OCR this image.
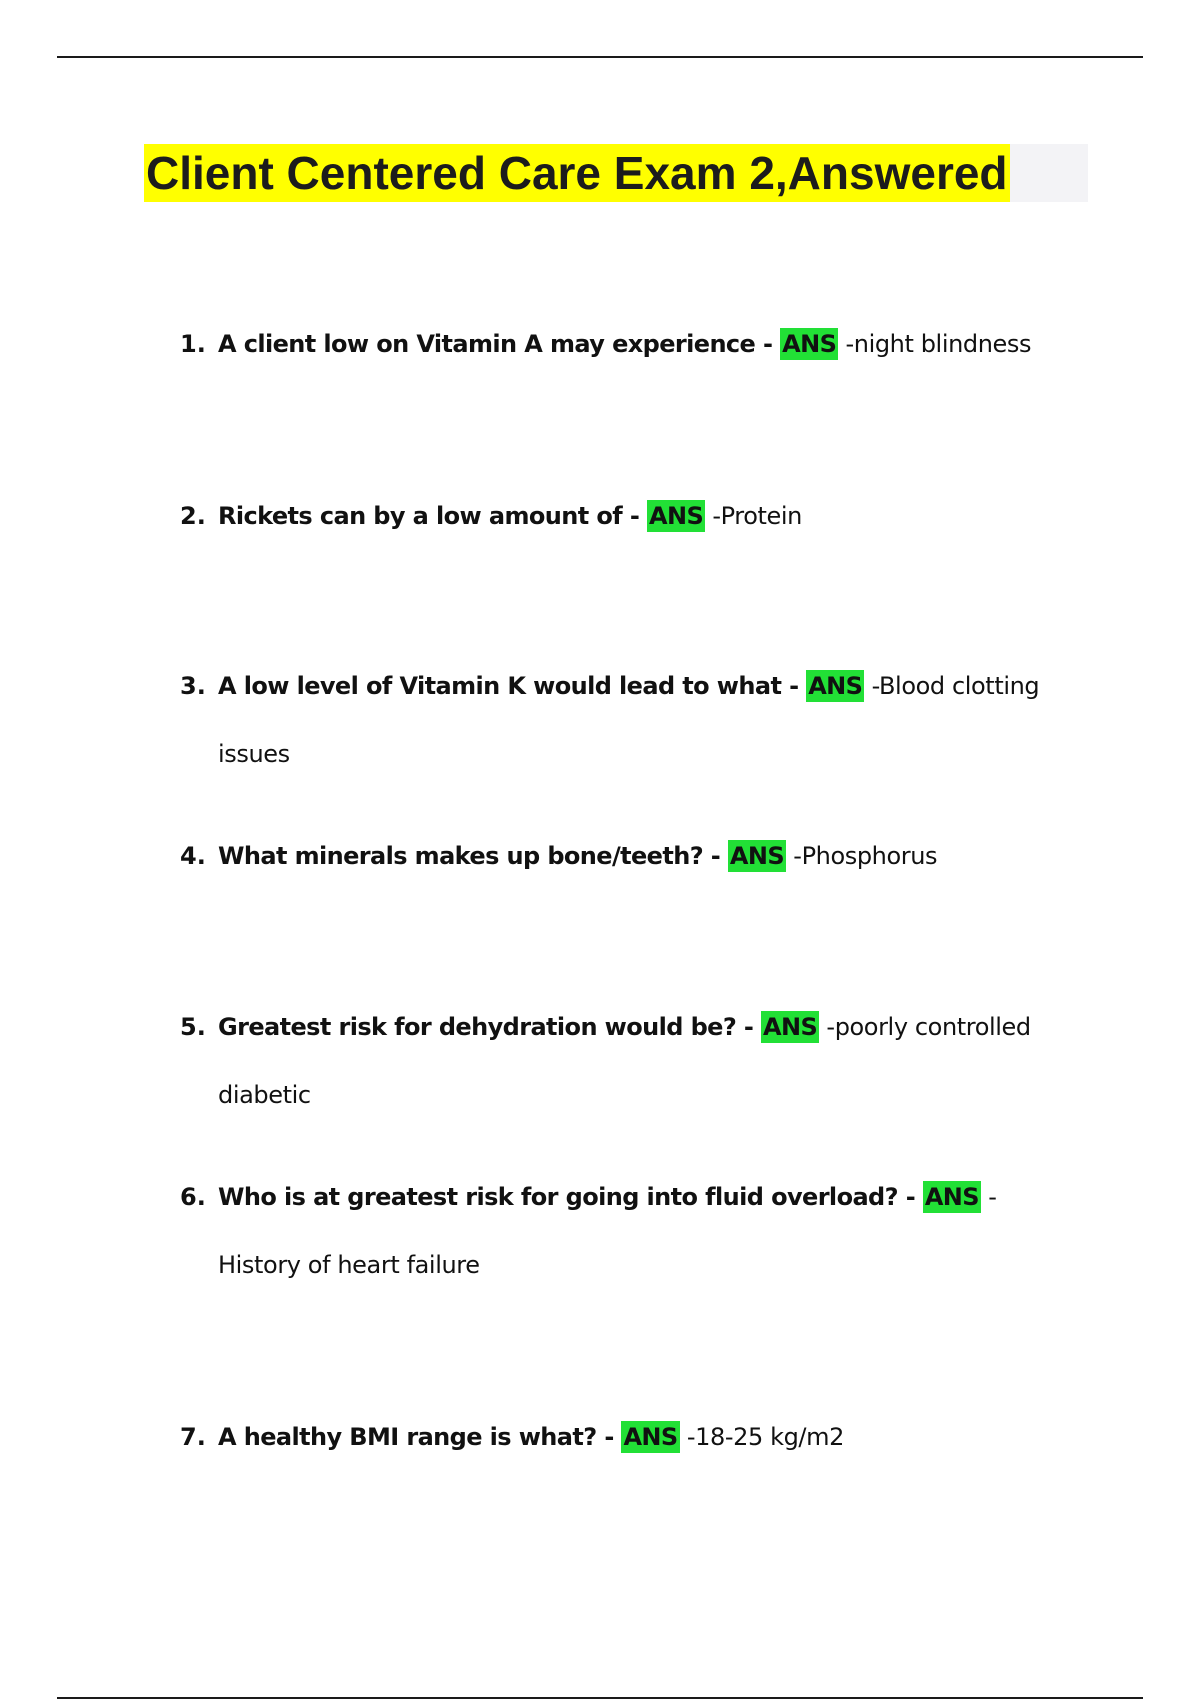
Client Centered Care Exam 2,Answered
1. A client low on Vitamin A may experience - ANS -night blindness
2. Rickets can by a low amount of - ANS -Protein
3. A low level of Vitamin K would lead to what - ANS -Blood clotting issues
4. What minerals makes up bone/teeth? - ANS -Phosphorus
5. Greatest risk for dehydration would be? - ANS -poorly controlled diabetic
6. Who is at greatest risk for going into fluid overload? - ANS -History of heart failure
7. A healthy BMI range is what? - ANS -18-25 kg/m2
